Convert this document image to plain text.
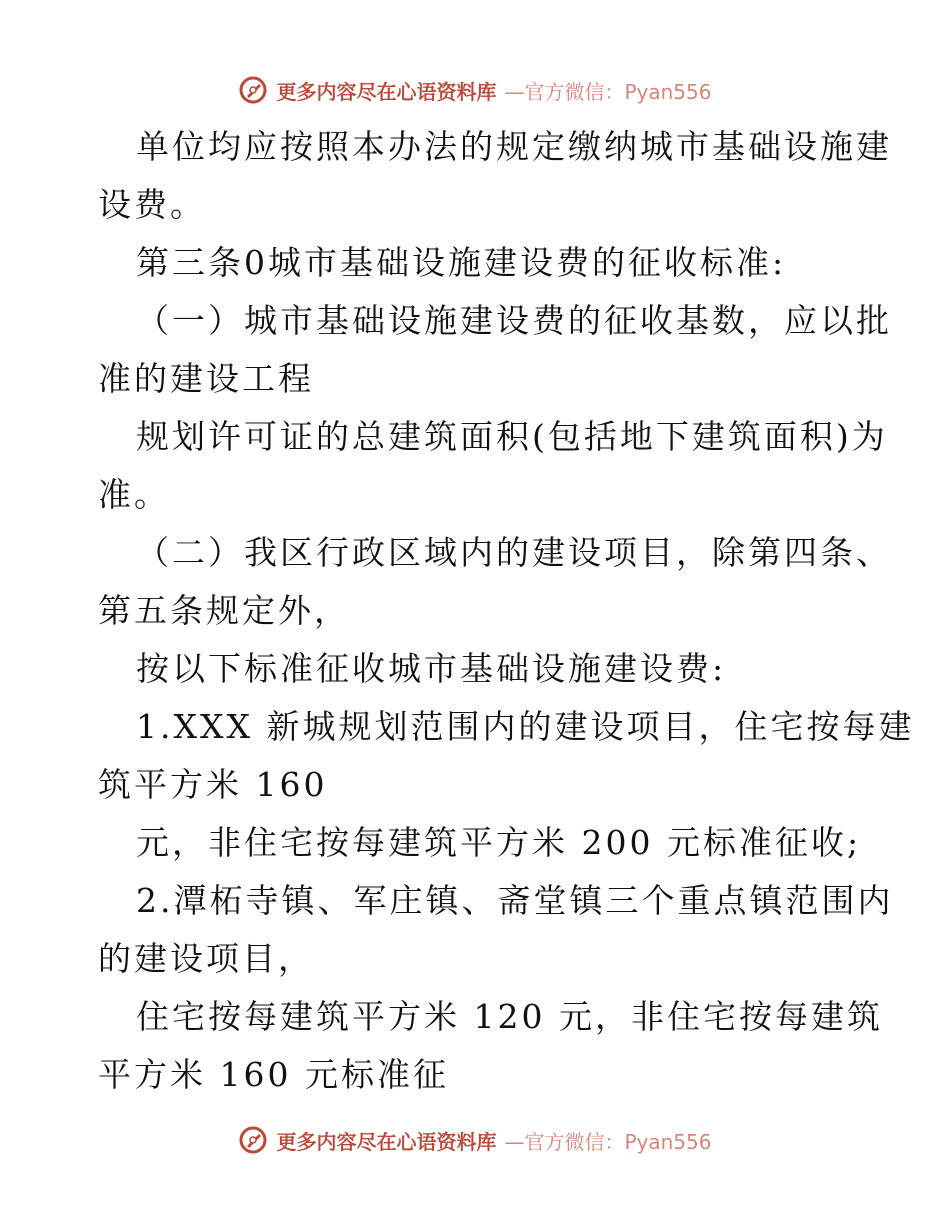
更多内容尽在心语资料库 —官方微信：Pyan556
单位均应按照本办法的规定缴纳城市基础设施建
设费。
第三条0城市基础设施建设费的征收标准:
（一）城市基础设施建设费的征收基数，应以批
准的建设工程
规划许可证的总建筑面积(包括地下建筑面积)为
准。
（二）我区行政区域内的建设项目，除第四条、
第五条规定外，
按以下标准征收城市基础设施建设费:
1.XXX 新城规划范围内的建设项目，住宅按每建
筑平方米 160
元，非住宅按每建筑平方米 200 元标准征收;
2.潭柘寺镇、军庄镇、斋堂镇三个重点镇范围内
的建设项目，
住宅按每建筑平方米 120 元，非住宅按每建筑
平方米 160 元标准征
更多内容尽在心语资料库 —官方微信：Pyan556
